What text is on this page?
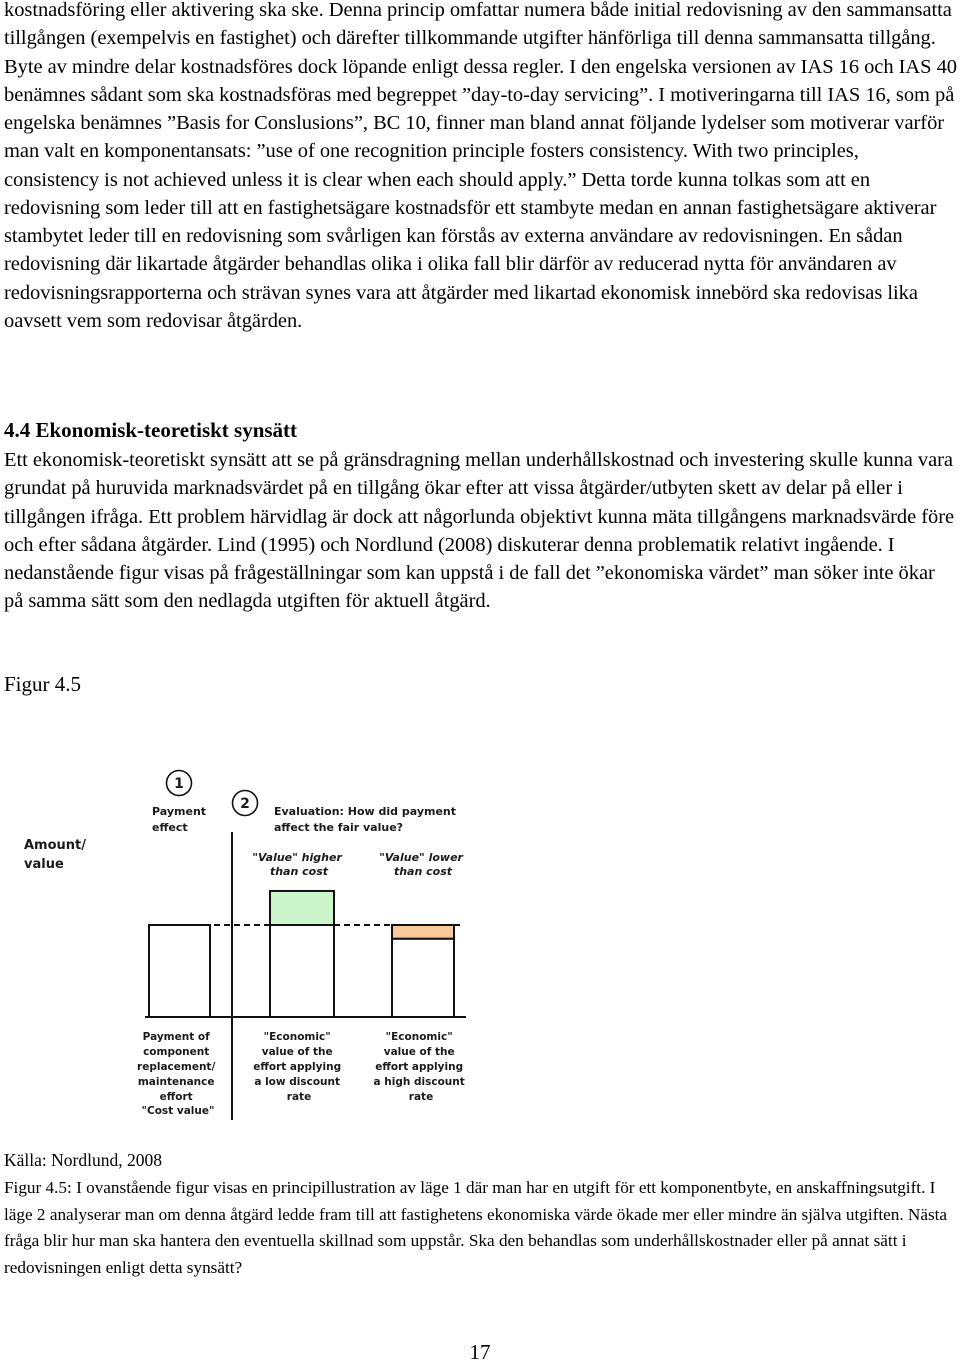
kostnadsföring eller aktivering ska ske. Denna princip omfattar numera både initial redovisning av den sammansatta tillgången (exempelvis en fastighet) och därefter tillkommande utgifter hänförliga till denna sammansatta tillgång. Byte av mindre delar kostnadsföres dock löpande enligt dessa regler. I den engelska versionen av IAS 16 och IAS 40 benämnes sådant som ska kostnadsföras med begreppet ”day-to-day servicing”. I motiveringarna till IAS 16, som på engelska benämnes ”Basis for Conslusions”, BC 10, finner man bland annat följande lydelser som motiverar varför man valt en komponentansats: ”use of one recognition principle fosters consistency. With two principles, consistency is not achieved unless it is clear when each should apply.” Detta torde kunna tolkas som att en redovisning som leder till att en fastighetsägare kostnadsför ett stambyte medan en annan fastighetsägare aktiverar stambytet leder till en redovisning som svårligen kan förstås av externa användare av redovisningen. En sådan redovisning där likartade åtgärder behandlas olika i olika fall blir därför av reducerad nytta för användaren av redovisningsrapporterna och strävan synes vara att åtgärder med likartad ekonomisk innebörd ska redovisas lika oavsett vem som redovisar åtgärden.

4.4 Ekonomisk-teoretiskt synsätt

Ett ekonomisk-teoretiskt synsätt att se på gränsdragning mellan underhållskostnad och investering skulle kunna vara grundat på huruvida marknadsvärdet på en tillgång ökar efter att vissa åtgärder/utbyten skett av delar på eller i tillgången ifråga. Ett problem härvidlag är dock att någorlunda objektivt kunna mäta tillgångens marknadsvärde före och efter sådana åtgärder. Lind (1995) och Nordlund (2008) diskuterar denna problematik relativt ingående. I nedanstående figur visas på frågeställningar som kan uppstå i de fall det ”ekonomiska värdet” man söker inte ökar på samma sätt som den nedlagda utgiften för aktuell åtgärd.

Figur 4.5

Amount/ value
1
Payment effect
2 Evaluation: How did payment affect the fair value?
"Value" higher than cost
"Value" lower than cost
Payment of component replacement/ maintenance effort "Cost value"
"Economic" value of the effort applying a low discount rate
"Economic" value of the effort applying a high discount rate

Källa: Nordlund, 2008

Figur 4.5: I ovanstående figur visas en principillustration av läge 1 där man har en utgift för ett komponentbyte, en anskaffningsutgift. I läge 2 analyserar man om denna åtgärd ledde fram till att fastighetens ekonomiska värde ökade mer eller mindre än själva utgiften. Nästa fråga blir hur man ska hantera den eventuella skillnad som uppstår. Ska den behandlas som underhållskostnader eller på annat sätt i redovisningen enligt detta synsätt?

17
